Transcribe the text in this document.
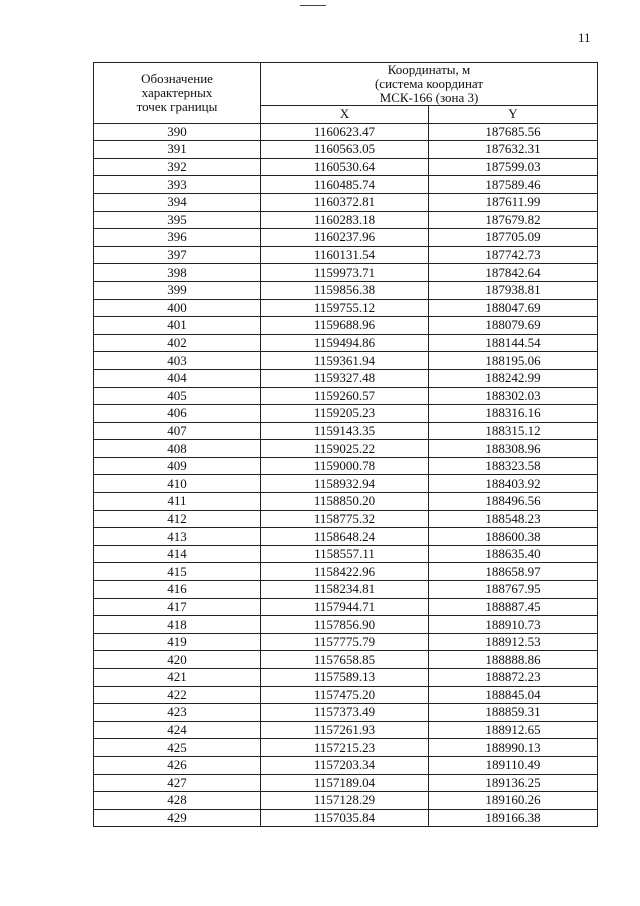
11
Обозначение
характерных
точек границы	Координаты, м
(система координат
МСК-166 (зона 3)	

	X	Y
390	1160623.47	187685.56
391	1160563.05	187632.31
392	1160530.64	187599.03
393	1160485.74	187589.46
394	1160372.81	187611.99
395	1160283.18	187679.82
396	1160237.96	187705.09
397	1160131.54	187742.73
398	1159973.71	187842.64
399	1159856.38	187938.81
400	1159755.12	188047.69
401	1159688.96	188079.69
402	1159494.86	188144.54
403	1159361.94	188195.06
404	1159327.48	188242.99
405	1159260.57	188302.03
406	1159205.23	188316.16
407	1159143.35	188315.12
408	1159025.22	188308.96
409	1159000.78	188323.58
410	1158932.94	188403.92
411	1158850.20	188496.56
412	1158775.32	188548.23
413	1158648.24	188600.38
414	1158557.11	188635.40
415	1158422.96	188658.97
416	1158234.81	188767.95
417	1157944.71	188887.45
418	1157856.90	188910.73
419	1157775.79	188912.53
420	1157658.85	188888.86
421	1157589.13	188872.23
422	1157475.20	188845.04
423	1157373.49	188859.31
424	1157261.93	188912.65
425	1157215.23	188990.13
426	1157203.34	189110.49
427	1157189.04	189136.25
428	1157128.29	189160.26
429	1157035.84	189166.38
